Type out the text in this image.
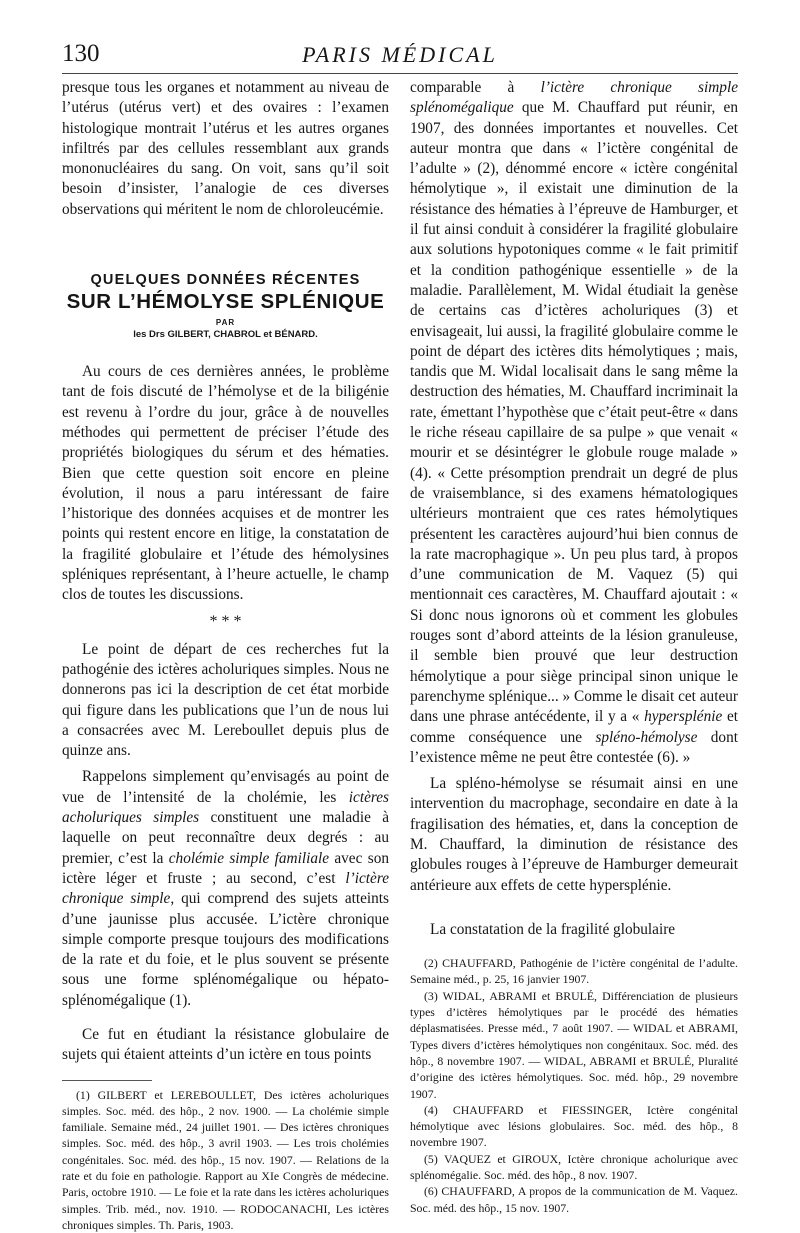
130	PARIS MÉDICAL

presque tous les organes et notamment au niveau de l’utérus (utérus vert) et des ovaires : l’examen histologique montrait l’utérus et les autres organes infiltrés par des cellules ressemblant aux grands mononucléaires du sang. On voit, sans qu’il soit besoin d’insister, l’analogie de ces diverses observations qui méritent le nom de chloroleucémie.

QUELQUES DONNÉES RÉCENTES
SUR L’HÉMOLYSE SPLÉNIQUE
PAR
les Drs GILBERT, CHABROL et BÉNARD.

Au cours de ces dernières années, le problème tant de fois discuté de l’hémolyse et de la biligénie est revenu à l’ordre du jour, grâce à de nouvelles méthodes qui permettent de préciser l’étude des propriétés biologiques du sérum et des hématies. Bien que cette question soit encore en pleine évolution, il nous a paru intéressant de faire l’historique des données acquises et de montrer les points qui restent encore en litige, la constatation de la fragilité globulaire et l’étude des hémolysines spléniques représentant, à l’heure actuelle, le champ clos de toutes les discussions.

* * *

Le point de départ de ces recherches fut la pathogénie des ictères acholuriques simples. Nous ne donnerons pas ici la description de cet état morbide qui figure dans les publications que l’un de nous lui a consacrées avec M. Lereboullet depuis plus de quinze ans.

Rappelons simplement qu’envisagés au point de vue de l’intensité de la cholémie, les ictères acholuriques simples constituent une maladie à laquelle on peut reconnaître deux degrés : au premier, c’est la cholémie simple familiale avec son ictère léger et fruste ; au second, c’est l’ictère chronique simple, qui comprend des sujets atteints d’une jaunisse plus accusée. L’ictère chronique simple comporte presque toujours des modifications de la rate et du foie, et le plus souvent se présente sous une forme splénomégalique ou hépato-splénomégalique (1).

Ce fut en étudiant la résistance globulaire de sujets qui étaient atteints d’un ictère en tous points

(1) GILBERT et LEREBOULLET, Des ictères acholuriques simples. Soc. méd. des hôp., 2 nov. 1900. — La cholémie simple familiale. Semaine méd., 24 juillet 1901. — Des ictères chroniques simples. Soc. méd. des hôp., 3 avril 1903. — Les trois cholémies congénitales. Soc. méd. des hôp., 15 nov. 1907. — Relations de la rate et du foie en pathologie. Rapport au XIe Congrès de médecine. Paris, octobre 1910. — Le foie et la rate dans les ictères acholuriques simples. Trib. méd., nov. 1910. — RODOCANACHI, Les ictères chroniques simples. Th. Paris, 1903.

comparable à l’ictère chronique simple splénomégalique que M. Chauffard put réunir, en 1907, des données importantes et nouvelles. Cet auteur montra que dans « l’ictère congénital de l’adulte » (2), dénommé encore « ictère congénital hémolytique », il existait une diminution de la résistance des hématies à l’épreuve de Hamburger, et il fut ainsi conduit à considérer la fragilité globulaire aux solutions hypotoniques comme « le fait primitif et la condition pathogénique essentielle » de la maladie. Parallèlement, M. Widal étudiait la genèse de certains cas d’ictères acholuriques (3) et envisageait, lui aussi, la fragilité globulaire comme le point de départ des ictères dits hémolytiques ; mais, tandis que M. Widal localisait dans le sang même la destruction des hématies, M. Chauffard incriminait la rate, émettant l’hypothèse que c’était peut-être « dans le riche réseau capillaire de sa pulpe » que venait « mourir et se désintégrer le globule rouge malade » (4). « Cette présomption prendrait un degré de plus de vraisemblance, si des examens hématologiques ultérieurs montraient que ces rates hémolytiques présentent les caractères aujourd’hui bien connus de la rate macrophagique ». Un peu plus tard, à propos d’une communication de M. Vaquez (5) qui mentionnait ces caractères, M. Chauffard ajoutait : « Si donc nous ignorons où et comment les globules rouges sont d’abord atteints de la lésion granuleuse, il semble bien prouvé que leur destruction hémolytique a pour siège principal sinon unique le parenchyme splénique... » Comme le disait cet auteur dans une phrase antécédente, il y a « hypersplénie et comme conséquence une spléno-hémolyse dont l’existence même ne peut être contestée (6). »

La spléno-hémolyse se résumait ainsi en une intervention du macrophage, secondaire en date à la fragilisation des hématies, et, dans la conception de M. Chauffard, la diminution de résistance des globules rouges à l’épreuve de Hamburger demeurait antérieure aux effets de cette hypersplénie.

La constatation de la fragilité globulaire

(2) CHAUFFARD, Pathogénie de l’ictère congénital de l’adulte. Semaine méd., p. 25, 16 janvier 1907.

(3) WIDAL, ABRAMI et BRULÉ, Différenciation de plusieurs types d’ictères hémolytiques par le procédé des hématies déplasmatisées. Presse méd., 7 août 1907. — WIDAL et ABRAMI, Types divers d’ictères hémolytiques non congénitaux. Soc. méd. des hôp., 8 novembre 1907. — WIDAL, ABRAMI et BRULÉ, Pluralité d’origine des ictères hémolytiques. Soc. méd. hôp., 29 novembre 1907.

(4) CHAUFFARD et FIESSINGER, Ictère congénital hémolytique avec lésions globulaires. Soc. méd. des hôp., 8 novembre 1907.

(5) VAQUEZ et GIROUX, Ictère chronique acholurique avec splénomégalie. Soc. méd. des hôp., 8 nov. 1907.

(6) CHAUFFARD, A propos de la communication de M. Vaquez. Soc. méd. des hôp., 15 nov. 1907.
